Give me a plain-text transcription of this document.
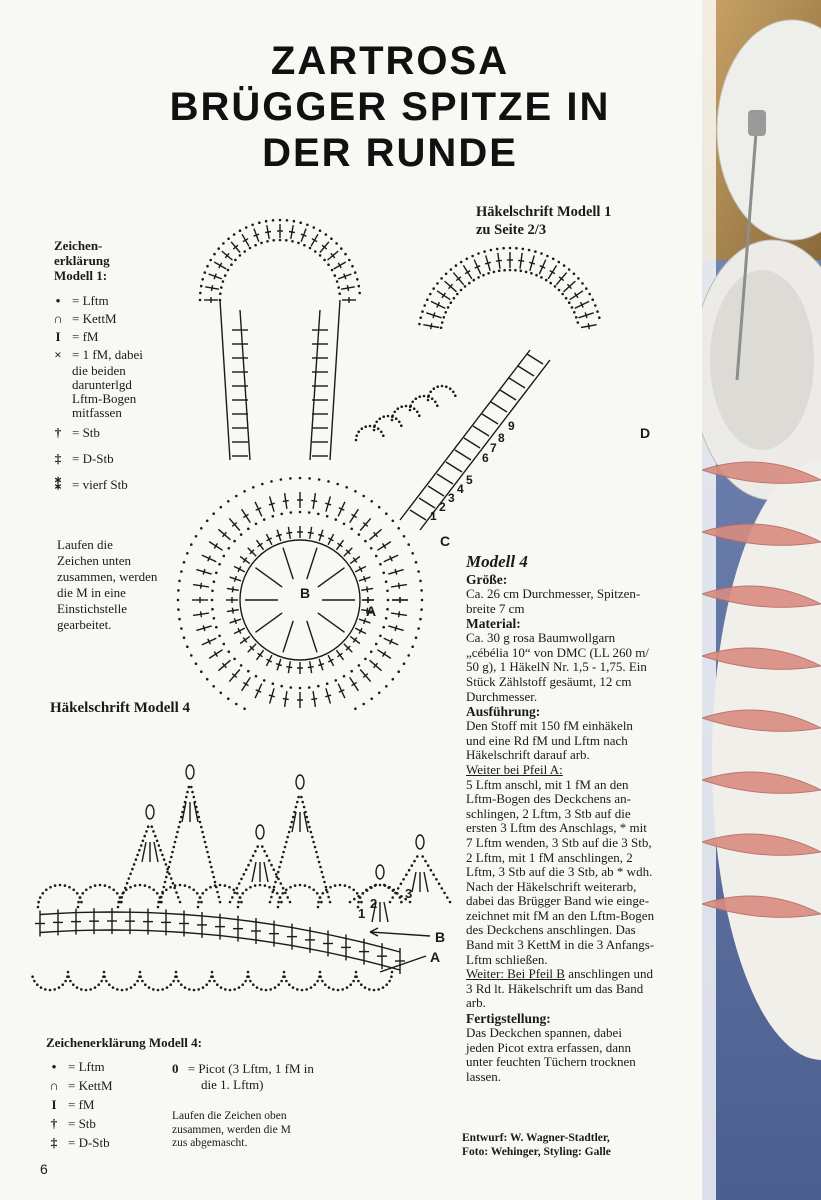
ZARTROSA
BRÜGGER SPITZE IN
DER RUNDE
Häkelschrift Modell 1
zu Seite 2/3
Zeichen-
erklärung
Modell 1:
• = Lftm
∩ = KettM
I = fM
× = 1 fM, dabei
die beiden
darunterlgd
Lftm-Bogen
mitfassen
† = Stb
‡ = D-Stb
⁑ = vierf Stb
Laufen die
Zeichen unten
zusammen, werden
die M in eine
Einstichstelle
gearbeitet.
B
A
C
D
1
2
3
4
5
6
7
8
9
Häkelschrift Modell 4
B
A
1
2
3
Zeichenerklärung Modell 4:
• = Lftm
∩ = KettM
I = fM
† = Stb
‡ = D-Stb
0 = Picot (3 Lftm, 1 fM in
die 1. Lftm)
Laufen die Zeichen oben
zusammen, werden die M
zus abgemascht.
6
Modell 4
Größe:
Ca. 26 cm Durchmesser, Spitzen-
breite 7 cm
Material:
Ca. 30 g rosa Baumwollgarn
„cébélia 10“ von DMC (LL 260 m/
50 g), 1 HäkelN Nr. 1,5 - 1,75. Ein
Stück Zählstoff gesäumt, 12 cm
Durchmesser.
Ausführung:
Den Stoff mit 150 fM einhäkeln
und eine Rd fM und Lftm nach
Häkelschrift darauf arb.
Weiter bei Pfeil A:
5 Lftm anschl, mit 1 fM an den
Lftm-Bogen des Deckchens an-
schlingen, 2 Lftm, 3 Stb auf die
ersten 3 Lftm des Anschlags, * mit
7 Lftm wenden, 3 Stb auf die 3 Stb,
2 Lftm, mit 1 fM anschlingen, 2
Lftm, 3 Stb auf die 3 Stb, ab * wdh.
Nach der Häkelschrift weiterarb,
dabei das Brügger Band wie einge-
zeichnet mit fM an den Lftm-Bogen
des Deckchens anschlingen. Das
Band mit 3 KettM in die 3 Anfangs-
Lftm schließen.
Weiter: Bei Pfeil B anschlingen und
3 Rd lt. Häkelschrift um das Band
arb.
Fertigstellung:
Das Deckchen spannen, dabei
jeden Picot extra erfassen, dann
unter feuchten Tüchern trocknen
lassen.
Entwurf: W. Wagner-Stadtler,
Foto: Wehinger, Styling: Galle
